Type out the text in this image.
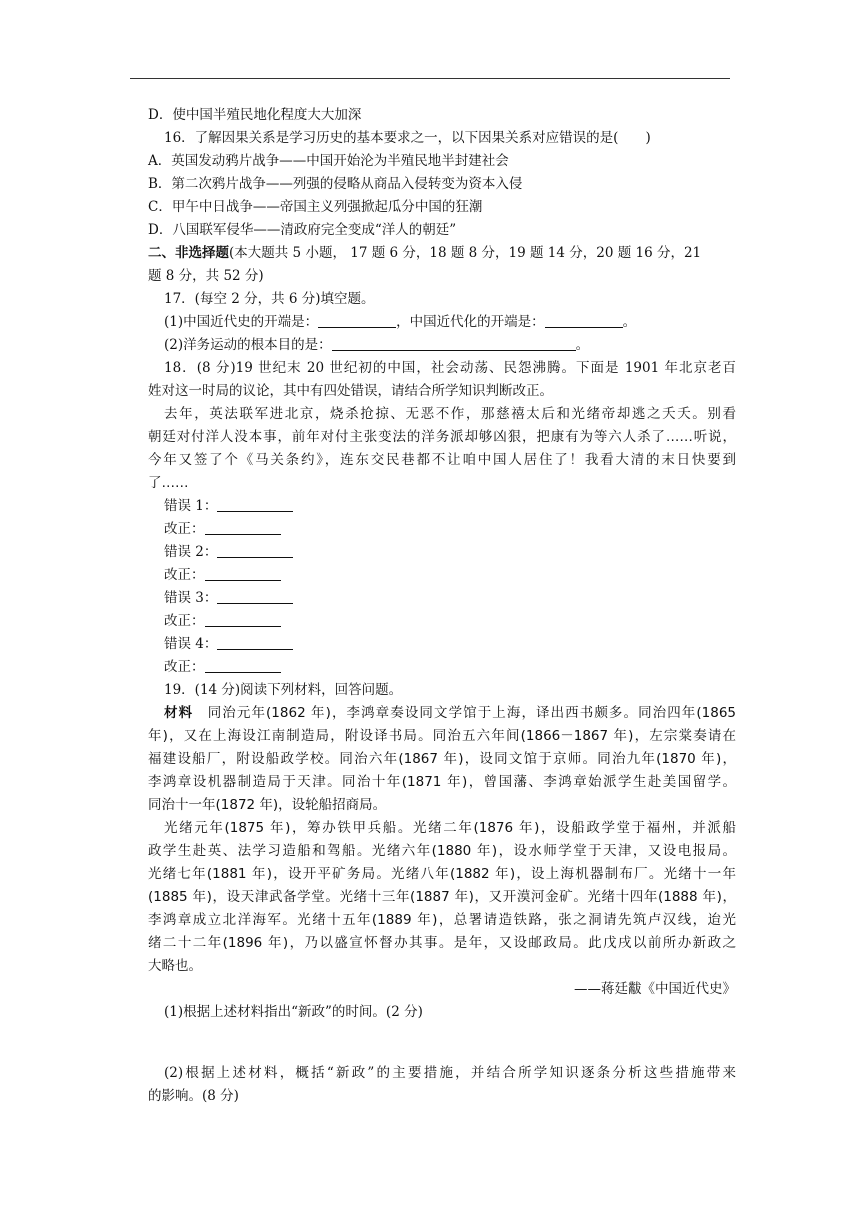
D．使中国半殖民地化程度大大加深
16．了解因果关系是学习历史的基本要求之一，以下因果关系对应错误的是(　　)
A．英国发动鸦片战争——中国开始沦为半殖民地半封建社会
B．第二次鸦片战争——列强的侵略从商品入侵转变为资本入侵
C．甲午中日战争——帝国主义列强掀起瓜分中国的狂潮
D．八国联军侵华——清政府完全变成“洋人的朝廷”
二、非选择题(本大题共 5 小题， 17 题 6 分，18 题 8 分，19 题 14 分，20 题 16 分，21
题 8 分，共 52 分)
17．(每空 2 分，共 6 分)填空题。
(1)中国近代史的开端是：	，中国近代化的开端是：	。
(2)洋务运动的根本目的是：	。
18．(8 分)19 世纪末 20 世纪初的中国，社会动荡、民怨沸腾。下面是 1901 年北京老百
姓对这一时局的议论，其中有四处错误，请结合所学知识判断改正。
去年，英法联军进北京，烧杀抢掠、无恶不作，那慈禧太后和光绪帝却逃之夭夭。别看
朝廷对付洋人没本事，前年对付主张变法的洋务派却够凶狠，把康有为等六人杀了……听说，
今年又签了个《马关条约》，连东交民巷都不让咱中国人居住了！我看大清的末日快要到
了……
错误 1：
改正：
错误 2：
改正：
错误 3：
改正：
错误 4：
改正：
19．(14 分)阅读下列材料，回答问题。
材料　 同治元年(1862 年)，李鸿章奏设同文学馆于上海，译出西书颇多。同治四年(1865
年)，又在上海设江南制造局，附设译书局。同治五六年间(1866－1867 年)，左宗棠奏请在
福建设船厂，附设船政学校。同治六年(1867 年)，设同文馆于京师。同治九年(1870 年)，
李鸿章设机器制造局于天津。同治十年(1871 年)，曾国藩、李鸿章始派学生赴美国留学。
同治十一年(1872 年)，设轮船招商局。
光绪元年(1875 年)，筹办铁甲兵船。光绪二年(1876 年)，设船政学堂于福州，并派船
政学生赴英、法学习造船和驾船。光绪六年(1880 年)，设水师学堂于天津，又设电报局。
光绪七年(1881 年)，设开平矿务局。光绪八年(1882 年)，设上海机器制布厂。光绪十一年
(1885 年)，设天津武备学堂。光绪十三年(1887 年)，又开漠河金矿。光绪十四年(1888 年)，
李鸿章成立北洋海军。光绪十五年(1889 年)，总署请造铁路，张之洞请先筑卢汉线，迨光
绪二十二年(1896 年)，乃以盛宣怀督办其事。是年，又设邮政局。此戊戌以前所办新政之
大略也。
——蒋廷黻《中国近代史》
(1)根据上述材料指出“新政”的时间。(2 分)
(2)根据上述材料，概括“新政”的主要措施，并结合所学知识逐条分析这些措施带来
的影响。(8 分)
